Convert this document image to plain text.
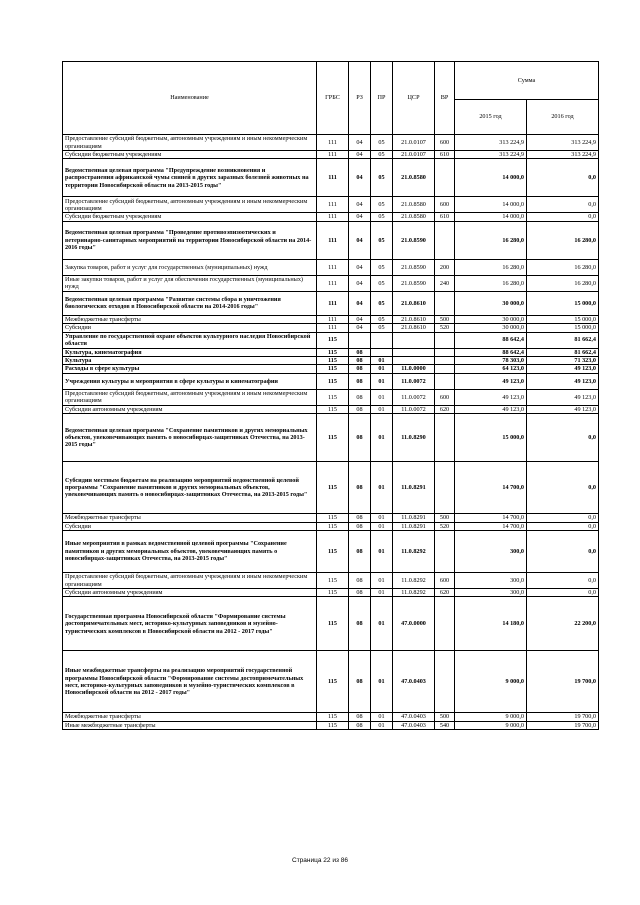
Наименование	ГРБС	РЗ	ПР	ЦСР	ВР	Сумма	
						2015 год	2016 год
Предоставление субсидий бюджетным, автономным учреждениям и иным некоммерческим организациям	111	04	05	21.0.0107	600	313 224,9	313 224,9
Субсидии бюджетным учреждениям	111	04	05	21.0.0107	610	313 224,9	313 224,9
Ведомственная целевая программа "Предупреждение возникновения и распространения африканской чумы свиней в других заразных болезней животных на территории Новосибирской области на 2013-2015 годы"	111	04	05	21.0.8580		14 000,0	0,0
Предоставление субсидий бюджетным, автономным учреждениям и иным некоммерческим организациям	111	04	05	21.0.8580	600	14 000,0	0,0
Субсидии бюджетным учреждениям	111	04	05	21.0.8580	610	14 000,0	0,0
Ведомственная целевая программа "Проведение противоэпизоотических и ветеринарно-санитарных мероприятий на территории Новосибирской области на 2014-2016 годы"	111	04	05	21.0.8590		16 280,0	16 280,0
Закупка товаров, работ и услуг для государственных (муниципальных) нужд	111	04	05	21.0.8590	200	16 280,0	16 280,0
Иные закупки товаров, работ и услуг для обеспечения государственных (муниципальных) нужд	111	04	05	21.0.8590	240	16 280,0	16 280,0
Ведомственная целевая программа "Развитие системы сбора и уничтожения биологических отходов в Новосибирской области на 2014-2016 годы"	111	04	05	21.0.8610		30 000,0	15 000,0
Межбюджетные трансферты	111	04	05	21.0.8610	500	30 000,0	15 000,0
Субсидии	111	04	05	21.0.8610	520	30 000,0	15 000,0
Управление по государственной охране объектов культурного наследия Новосибирской области	115					88 642,4	81 662,4
Культура, кинематография	115	08				88 642,4	81 662,4
Культура	115	08	01			78 303,0	71 323,0
Расходы в сфере культуры	115	08	01	11.0.0000		64 123,0	49 123,0
Учреждения культуры и мероприятия в сфере культуры и кинематографии	115	08	01	11.0.0072		49 123,0	49 123,0
Предоставление субсидий бюджетным, автономным учреждениям и иным некоммерческим организациям	115	08	01	11.0.0072	600	49 123,0	49 123,0
Субсидии автономным учреждениям	115	08	01	11.0.0072	620	49 123,0	49 123,0
Ведомственная целевая программа "Сохранение памятников и других мемориальных объектов, увековечивающих память о новосибирцах-защитниках Отечества, на 2013-2015 годы"	115	08	01	11.0.8290		15 000,0	0,0
Субсидии местным бюджетам на реализацию мероприятий ведомственной целевой программы "Сохранение памятников и других мемориальных объектов, увековечивающих память о новосибирцах-защитниках Отечества, на 2013-2015 годы"	115	08	01	11.0.8291		14 700,0	0,0
Межбюджетные трансферты	115	08	01	11.0.8291	500	14 700,0	0,0
Субсидии	115	08	01	11.0.8291	520	14 700,0	0,0
Иные мероприятия в рамках ведомственной целевой программы "Сохранение памятников и других мемориальных объектов, увековечивающих память о новосибирцах-защитниках Отечества, на 2013-2015 годы"	115	08	01	11.0.8292		300,0	0,0
Предоставление субсидий бюджетным, автономным учреждениям и иным некоммерческим организациям	115	08	01	11.0.8292	600	300,0	0,0
Субсидии автономным учреждениям	115	08	01	11.0.8292	620	300,0	0,0
Государственная программа Новосибирской области "Формирование системы достопримечательных мест, историко-культурных заповедников и музейно-туристических комплексов в Новосибирской области на 2012 - 2017 годы"	115	08	01	47.0.0000		14 180,0	22 200,0
Иные межбюджетные трансферты на реализацию мероприятий государственной программы Новосибирской области "Формирование системы достопримечательных мест, историко-культурных заповедников и музейно-туристических комплексов в Новосибирской области на 2012 - 2017 годы"	115	08	01	47.0.0403		9 000,0	19 700,0
Межбюджетные трансферты	115	08	01	47.0.0403	500	9 000,0	19 700,0
Иные межбюджетные трансферты	115	08	01	47.0.0403	540	9 000,0	19 700,0
Страница 22 из 86
